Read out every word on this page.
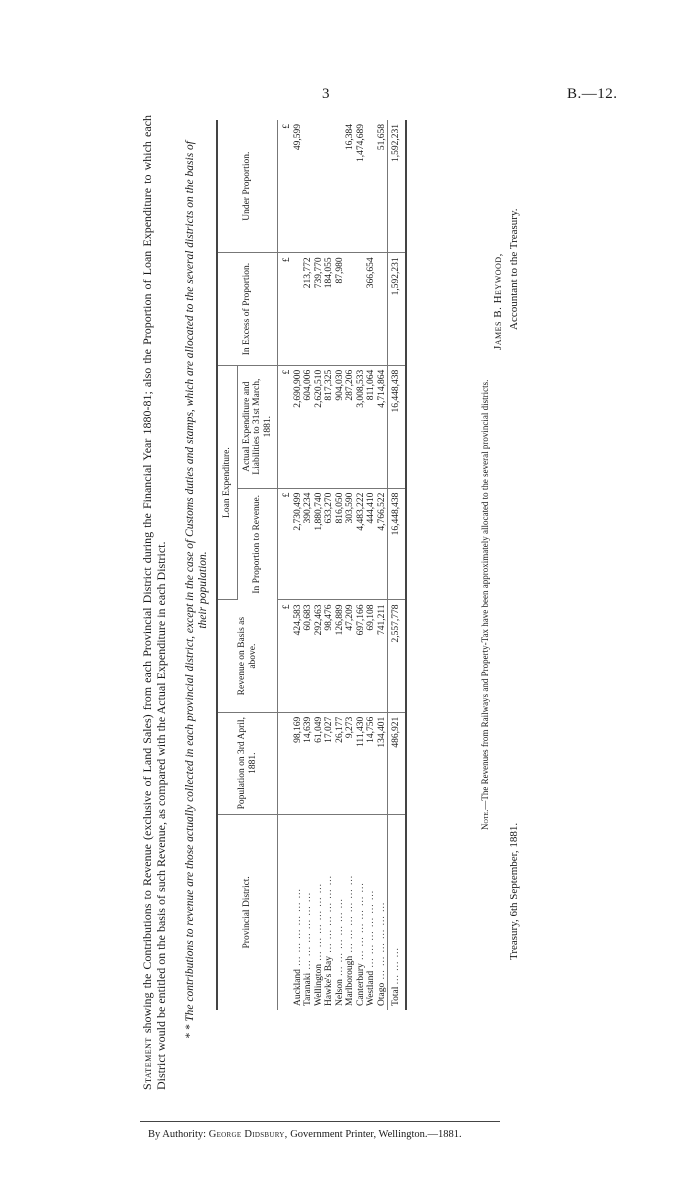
3	B.—12.
Statement showing the Contributions to Revenue (exclusive of Land Sales) from each Provincial District during the Financial Year 1880-81; also the Proportion of Loan Expenditure to which each District would be entitled on the basis of such Revenue, as compared with the Actual Expenditure in each District. * * The contributions to revenue are those actually collected in each provincial district, except in the case of Customs duties and stamps, which are allocated to the several districts on the basis of their population.
Provincial District.	Population on 3rd April, 1881.	Revenue on Basis as above.	Loan Expenditure.		In Excess of Proportion.	Under Proportion.
			In Proportion to Revenue.	Actual Expenditure and Liabilities to 31st March, 1881.		
		£	£	£	£	£
Auckland ... ... ... ... ... ...	98,169	424,583	2,730,499	2,690,900		49,599
Taranaki ... ... ... ... ... ...	14,639	60,683	390,234	604,006	213,772	
Wellington ... ... ... ... ... ...	61,049	292,463	1,880,740	2,620,510	739,770	
Hawke's Bay ... ... ... ... ... ...	17,027	98,476	633,270	817,325	184,055	
Nelson ... ... ... ... ... ...	26,177	126,889	816,050	904,030	87,980	
Marlborough ... ... ... ... ... ...	9,273	47,209	303,590	287,206		16,384
Canterbury ... ... ... ... ... ...	111,430	697,166	4,483,222	3,008,533		1,474,689
Westland ... ... ... ... ... ...	14,756	69,108	444,410	811,064	366,654	
Otago ... ... ... ... ... ...	134,401	741,211	4,766,522	4,714,864		51,658
Total ... ... ...	486,921	2,557,778	16,448,438	16,448,438	1,592,231	1,592,231
Note.—The Revenues from Railways and Property-Tax have been approximately allocated to the several provincial districts.
Treasury, 6th September, 1881.
James B. Heywood, Accountant to the Treasury.
By Authority: George Didsbury, Government Printer, Wellington.—1881.
